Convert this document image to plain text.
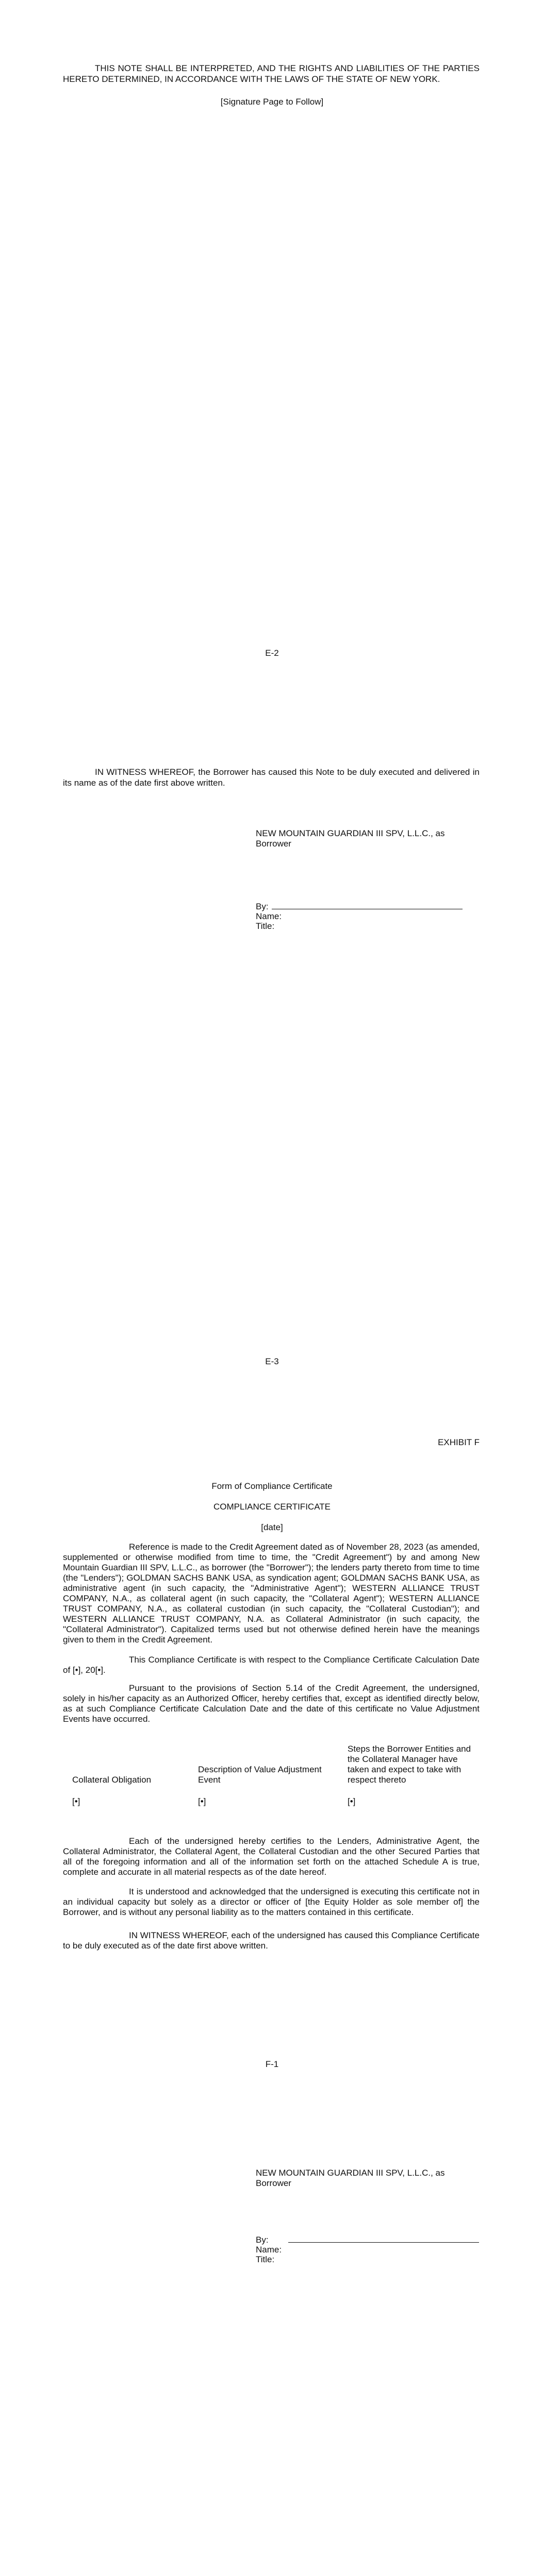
THIS NOTE SHALL BE INTERPRETED, AND THE RIGHTS AND LIABILITIES OF THE PARTIES HERETO DETERMINED, IN ACCORDANCE WITH THE LAWS OF THE STATE OF NEW YORK.
[Signature Page to Follow]
E-2
IN WITNESS WHEREOF, the Borrower has caused this Note to be duly executed and delivered in its name as of the date first above written.
NEW MOUNTAIN GUARDIAN III SPV, L.L.C., as
Borrower
By:
Name:
Title:
E-3
EXHIBIT F
Form of Compliance Certificate
COMPLIANCE CERTIFICATE
[date]
Reference is made to the Credit Agreement dated as of November 28, 2023 (as amended, supplemented or otherwise modified from time to time, the "Credit Agreement") by and among New Mountain Guardian III SPV, L.L.C., as borrower (the "Borrower"); the lenders party thereto from time to time (the "Lenders"); GOLDMAN SACHS BANK USA, as syndication agent; GOLDMAN SACHS BANK USA, as administrative agent (in such capacity, the "Administrative Agent"); WESTERN ALLIANCE TRUST COMPANY, N.A., as collateral agent (in such capacity, the "Collateral Agent"); WESTERN ALLIANCE TRUST COMPANY, N.A., as collateral custodian (in such capacity, the "Collateral Custodian"); and WESTERN ALLIANCE TRUST COMPANY, N.A. as Collateral Administrator (in such capacity, the "Collateral Administrator"). Capitalized terms used but not otherwise defined herein have the meanings given to them in the Credit Agreement.
This Compliance Certificate is with respect to the Compliance Certificate Calculation Date of [•], 20[•].
Pursuant to the provisions of Section 5.14 of the Credit Agreement, the undersigned, solely in his/her capacity as an Authorized Officer, hereby certifies that, except as identified directly below, as at such Compliance Certificate Calculation Date and the date of this certificate no Value Adjustment Events have occurred.
Collateral Obligation	Description of Value Adjustment Event	Steps the Borrower Entities and the Collateral Manager have taken and expect to take with respect thereto
[•]	[•]	[•]
Each of the undersigned hereby certifies to the Lenders, Administrative Agent, the Collateral Administrator, the Collateral Agent, the Collateral Custodian and the other Secured Parties that all of the foregoing information and all of the information set forth on the attached Schedule A is true, complete and accurate in all material respects as of the date hereof.
It is understood and acknowledged that the undersigned is executing this certificate not in an individual capacity but solely as a director or officer of [the Equity Holder as sole member of] the Borrower, and is without any personal liability as to the matters contained in this certificate.
IN WITNESS WHEREOF, each of the undersigned has caused this Compliance Certificate to be duly executed as of the date first above written.
F-1
NEW MOUNTAIN GUARDIAN III SPV, L.L.C., as
Borrower
By:
Name:
Title:
